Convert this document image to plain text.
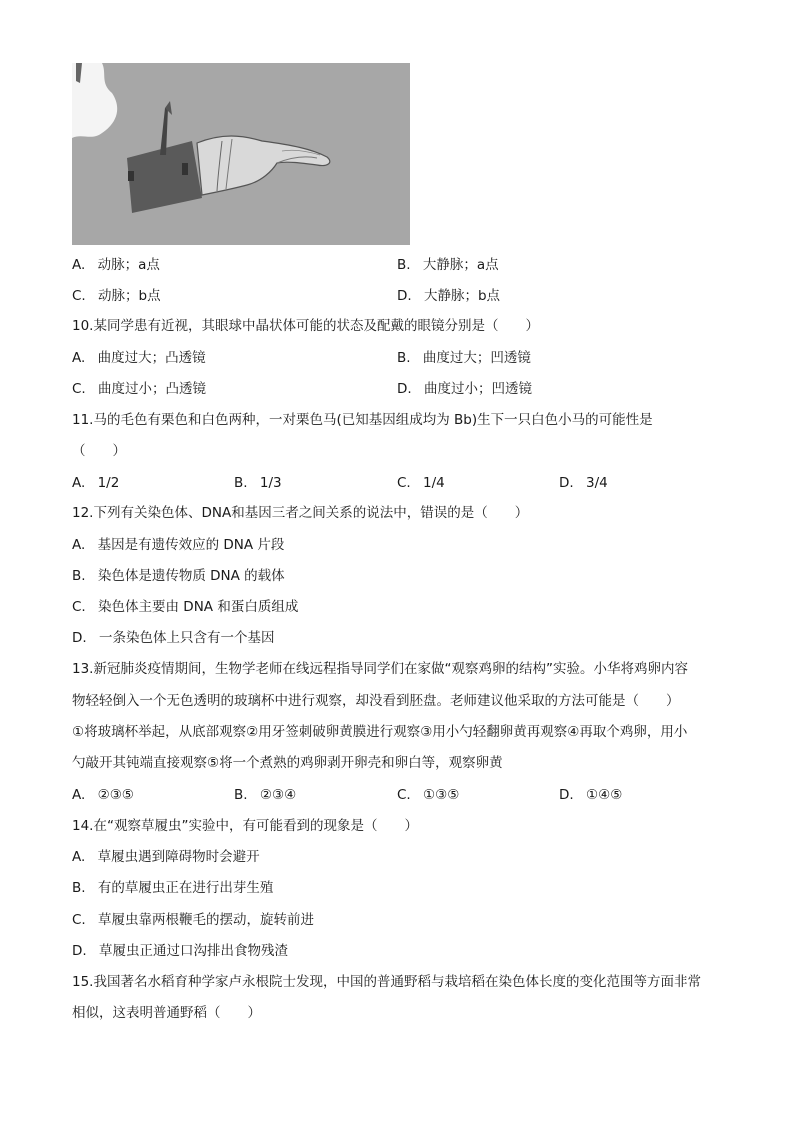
A. 动脉；a点	B. 大静脉；a点
C. 动脉；b点	D. 大静脉；b点
10.某同学患有近视，其眼球中晶状体可能的状态及配戴的眼镜分别是（　　）
A. 曲度过大；凸透镜	B. 曲度过大；凹透镜
C. 曲度过小；凸透镜	D. 曲度过小；凹透镜
11.马的毛色有栗色和白色两种，一对栗色马(已知基因组成均为 Bb)生下一只白色小马的可能性是
（　　）
A. 1/2	B. 1/3	C. 1/4	D. 3/4
12.下列有关染色体、DNA和基因三者之间关系的说法中，错误的是（　　）
A. 基因是有遗传效应的 DNA 片段
B. 染色体是遗传物质 DNA 的载体
C. 染色体主要由 DNA 和蛋白质组成
D. 一条染色体上只含有一个基因
13.新冠肺炎疫情期间，生物学老师在线远程指导同学们在家做“观察鸡卵的结构”实验。小华将鸡卵内容
物轻轻倒入一个无色透明的玻璃杯中进行观察，却没看到胚盘。老师建议他采取的方法可能是（　　）
①将玻璃杯举起，从底部观察②用牙签刺破卵黄膜进行观察③用小勺轻翻卵黄再观察④再取个鸡卵，用小
勺敲开其钝端直接观察⑤将一个煮熟的鸡卵剥开卵壳和卵白等，观察卵黄
A. ②③⑤	B. ②③④	C. ①③⑤	D. ①④⑤
14.在“观察草履虫”实验中，有可能看到的现象是（　　）
A. 草履虫遇到障碍物时会避开
B. 有的草履虫正在进行出芽生殖
C. 草履虫靠两根鞭毛的摆动，旋转前进
D. 草履虫正通过口沟排出食物残渣
15.我国著名水稻育种学家卢永根院士发现，中国的普通野稻与栽培稻在染色体长度的变化范围等方面非常
相似，这表明普通野稻（　　）
